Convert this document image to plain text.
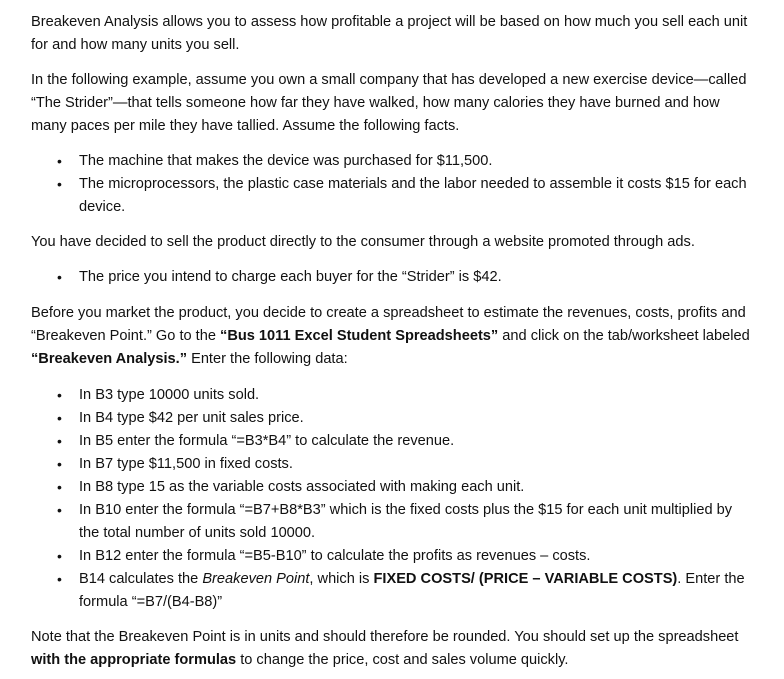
Breakeven Analysis allows you to assess how profitable a project will be based on how much you sell each unit for and how many units you sell.

In the following example, assume you own a small company that has developed a new exercise device—called “The Strider”—that tells someone how far they have walked, how many calories they have burned and how many paces per mile they have tallied. Assume the following facts.

• The machine that makes the device was purchased for $11,500.
• The microprocessors, the plastic case materials and the labor needed to assemble it costs $15 for each device.

You have decided to sell the product directly to the consumer through a website promoted through ads.

• The price you intend to charge each buyer for the “Strider” is $42.

Before you market the product, you decide to create a spreadsheet to estimate the revenues, costs, profits and “Breakeven Point.” Go to the “Bus 1011 Excel Student Spreadsheets” and click on the tab/worksheet labeled “Breakeven Analysis.” Enter the following data:

• In B3 type 10000 units sold.
• In B4 type $42 per unit sales price.
• In B5 enter the formula “=B3*B4” to calculate the revenue.
• In B7 type $11,500 in fixed costs.
• In B8 type 15 as the variable costs associated with making each unit.
• In B10 enter the formula “=B7+B8*B3” which is the fixed costs plus the $15 for each unit multiplied by the total number of units sold 10000.
• In B12 enter the formula “=B5-B10” to calculate the profits as revenues – costs.
• B14 calculates the Breakeven Point, which is FIXED COSTS/ (PRICE – VARIABLE COSTS). Enter the formula “=B7/(B4-B8)”

Note that the Breakeven Point is in units and should therefore be rounded. You should set up the spreadsheet with the appropriate formulas to change the price, cost and sales volume quickly.
